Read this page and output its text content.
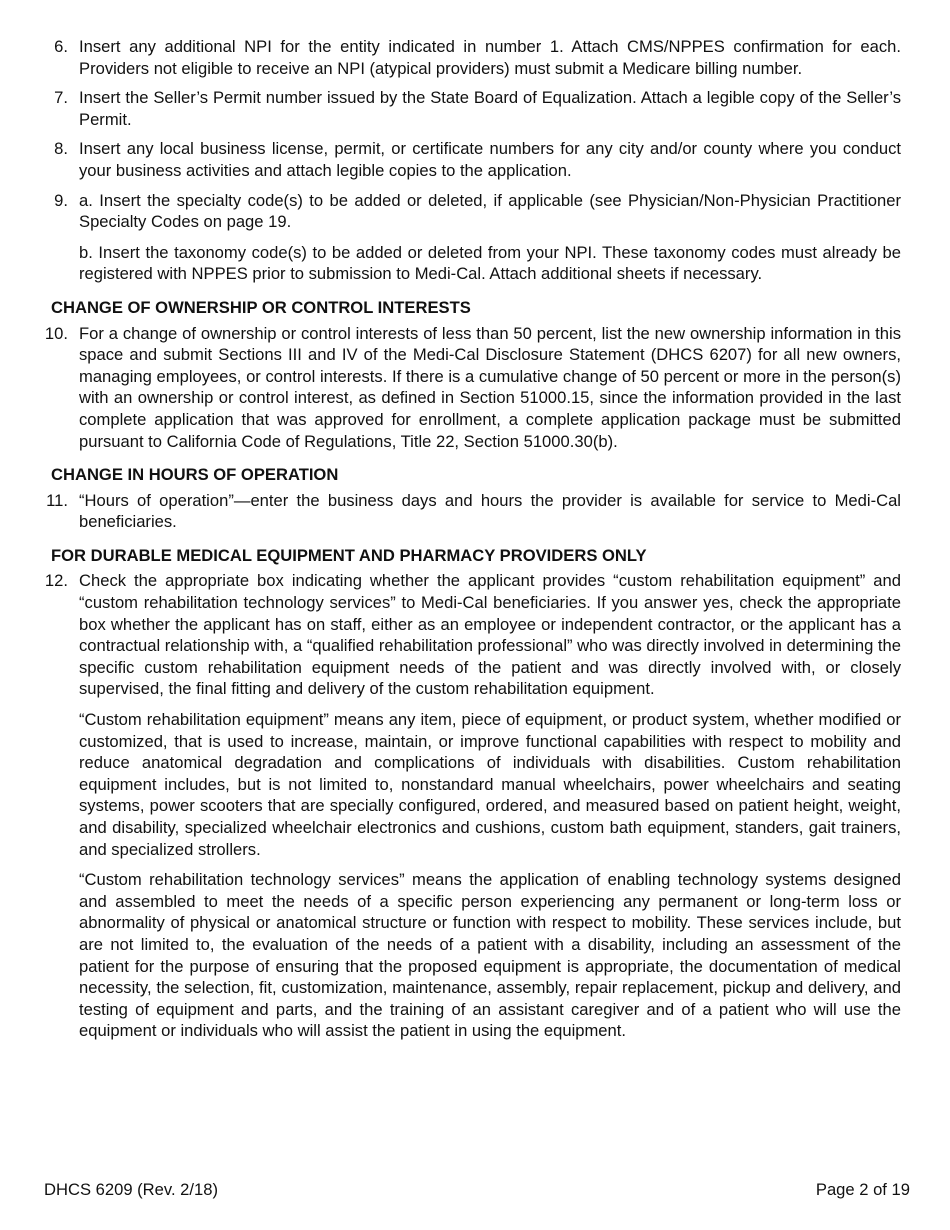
6. Insert any additional NPI for the entity indicated in number 1. Attach CMS/NPPES confirmation for each. Providers not eligible to receive an NPI (atypical providers) must submit a Medicare billing number.

7. Insert the Seller’s Permit number issued by the State Board of Equalization. Attach a legible copy of the Seller’s Permit.

8. Insert any local business license, permit, or certificate numbers for any city and/or county where you conduct your business activities and attach legible copies to the application.

9. a. Insert the specialty code(s) to be added or deleted, if applicable (see Physician/Non-Physician Practitioner Specialty Codes on page 19.

b. Insert the taxonomy code(s) to be added or deleted from your NPI. These taxonomy codes must already be registered with NPPES prior to submission to Medi-Cal. Attach additional sheets if necessary.

CHANGE OF OWNERSHIP OR CONTROL INTERESTS
10. For a change of ownership or control interests of less than 50 percent, list the new ownership information in this space and submit Sections III and IV of the Medi-Cal Disclosure Statement (DHCS 6207) for all new owners, managing employees, or control interests. If there is a cumulative change of 50 percent or more in the person(s) with an ownership or control interest, as defined in Section 51000.15, since the information provided in the last complete application that was approved for enrollment, a complete application package must be submitted pursuant to California Code of Regulations, Title 22, Section 51000.30(b).

CHANGE IN HOURS OF OPERATION
11. “Hours of operation”—enter the business days and hours the provider is available for service to Medi-Cal beneficiaries.

FOR DURABLE MEDICAL EQUIPMENT AND PHARMACY PROVIDERS ONLY
12. Check the appropriate box indicating whether the applicant provides “custom rehabilitation equipment” and “custom rehabilitation technology services” to Medi-Cal beneficiaries. If you answer yes, check the appropriate box whether the applicant has on staff, either as an employee or independent contractor, or the applicant has a contractual relationship with, a “qualified rehabilitation professional” who was directly involved in determining the specific custom rehabilitation equipment needs of the patient and was directly involved with, or closely supervised, the final fitting and delivery of the custom rehabilitation equipment.

“Custom rehabilitation equipment” means any item, piece of equipment, or product system, whether modified or customized, that is used to increase, maintain, or improve functional capabilities with respect to mobility and reduce anatomical degradation and complications of individuals with disabilities. Custom rehabilitation equipment includes, but is not limited to, nonstandard manual wheelchairs, power wheelchairs and seating systems, power scooters that are specially configured, ordered, and measured based on patient height, weight, and disability, specialized wheelchair electronics and cushions, custom bath equipment, standers, gait trainers, and specialized strollers.

“Custom rehabilitation technology services” means the application of enabling technology systems designed and assembled to meet the needs of a specific person experiencing any permanent or long-term loss or abnormality of physical or anatomical structure or function with respect to mobility. These services include, but are not limited to, the evaluation of the needs of a patient with a disability, including an assessment of the patient for the purpose of ensuring that the proposed equipment is appropriate, the documentation of medical necessity, the selection, fit, customization, maintenance, assembly, repair replacement, pickup and delivery, and testing of equipment and parts, and the training of an assistant caregiver and of a patient who will use the equipment or individuals who will assist the patient in using the equipment.

DHCS 6209 (Rev. 2/18)	Page 2 of 19
